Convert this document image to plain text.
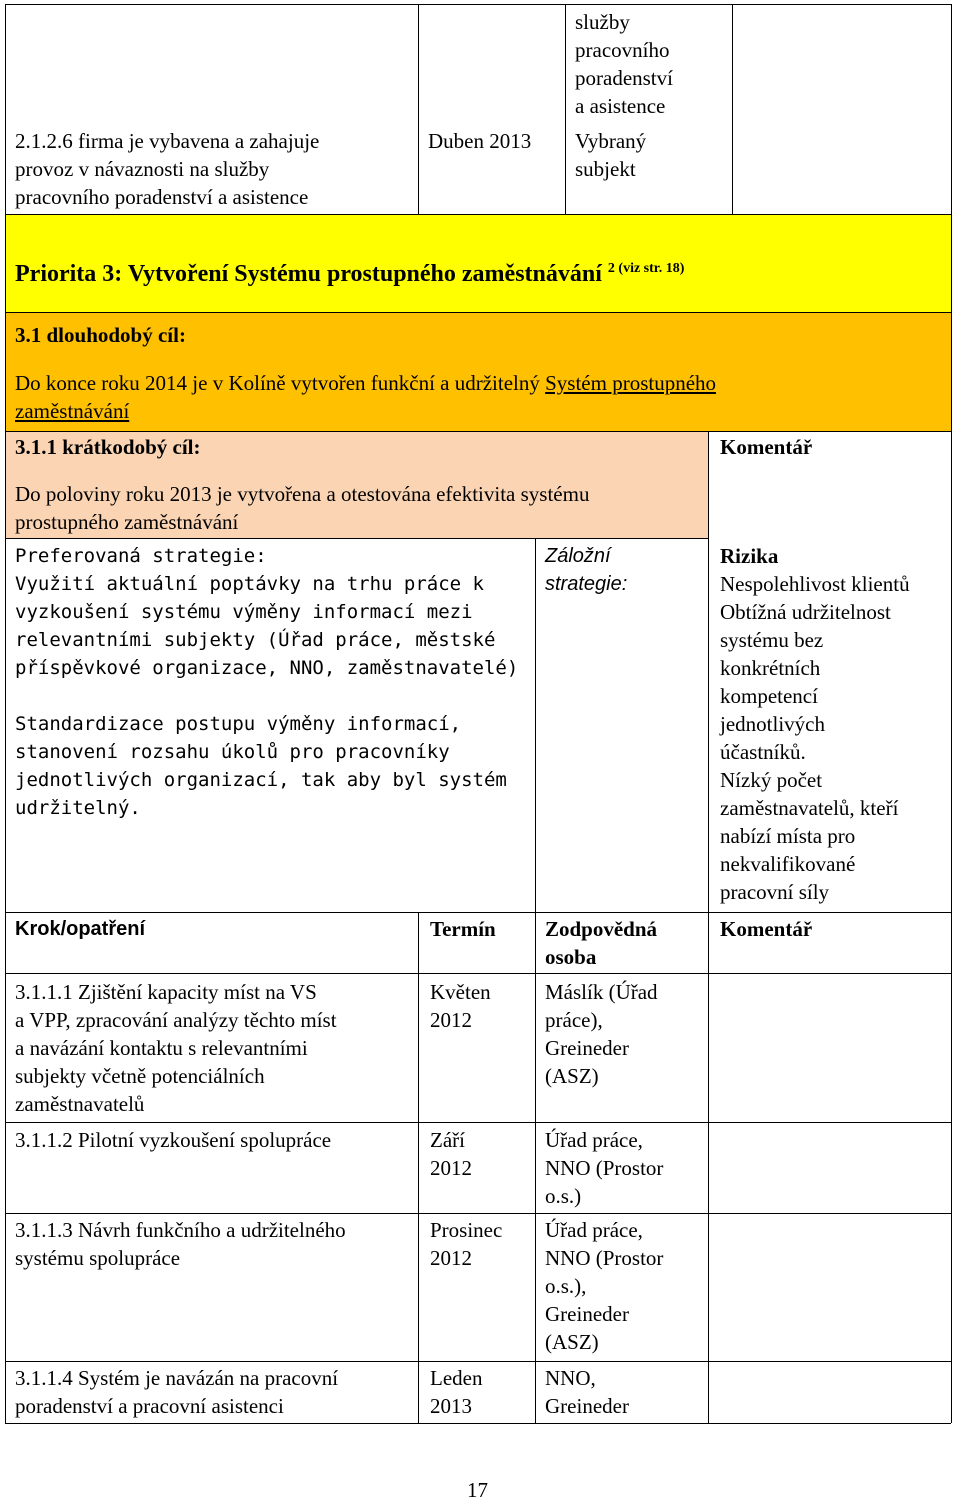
2.1.2.6 firma je vybavena a zahajuje
provoz v návaznosti na služby
pracovního poradenství a asistence
Duben 2013
služby
pracovního
poradenství
a asistence
Vybraný
subjekt
Priorita 3: Vytvoření Systému prostupného zaměstnávání $^{2 (viz str. 18)}$
3.1 dlouhodobý cíl:
Do konce roku 2014 je v Kolíně vytvořen funkční a udržitelný Systém prostupného
zaměstnávání
3.1.1 krátkodobý cíl:
Do poloviny roku 2013 je vytvořena a otestována efektivita systému
prostupného zaměstnávání
Komentář
Preferovaná strategie:
Využití aktuální poptávky na trhu práce k
vyzkoušení systému výměny informací mezi
relevantními subjekty (Úřad práce, městské
příspěvkové organizace, NNO, zaměstnavatelé)
Standardizace postupu výměny informací,
stanovení rozsahu úkolů pro pracovníky
jednotlivých organizací, tak aby byl systém
udržitelný.
Záložní
strategie:
Rizika
Nespolehlivost klientů
Obtížná udržitelnost
systému bez
konkrétních
kompetencí
jednotlivých
účastníků.
Nízký počet
zaměstnavatelů, kteří
nabízí místa pro
nekvalifikované
pracovní síly
Krok/opatření	Termín Zodpovědná
osoba
Komentář
3.1.1.1 Zjištění kapacity míst na VS
a VPP, zpracování analýzy těchto míst
a navázání kontaktu s relevantními
subjekty včetně potenciálních
zaměstnavatelů
Květen
2012
Máslík (Úřad
práce),
Greineder
(ASZ)
3.1.1.2 Pilotní vyzkoušení spolupráce	Září
2012
Úřad práce,
NNO (Prostor
o.s.)
3.1.1.3 Návrh funkčního a udržitelného
systému spolupráce
Prosinec
2012
Úřad práce,
NNO (Prostor
o.s.),
Greineder
(ASZ)
3.1.1.4 Systém je navázán na pracovní
poradenství a pracovní asistenci
Leden
2013
NNO,
Greineder
17
